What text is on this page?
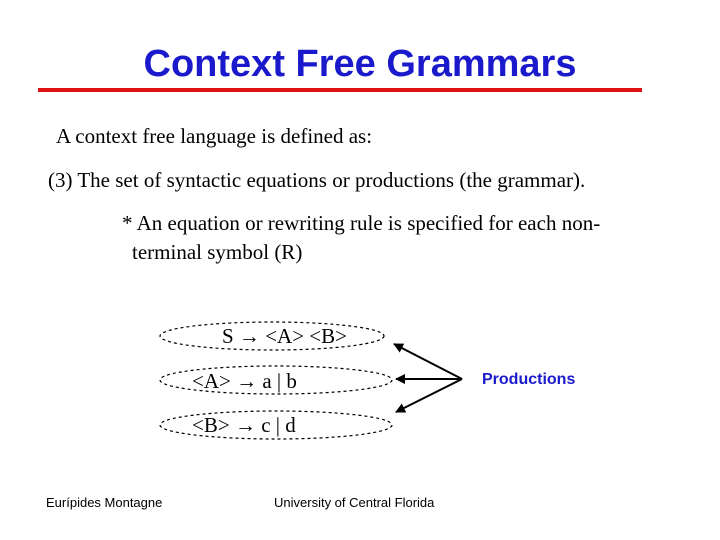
Context Free Grammars
A context free language is defined as:
(3) The set of syntactic equations or productions (the grammar).
* An equation or rewriting rule is specified for each non-
terminal symbol (R)
S → <A> <B>
<A> → a | b
<B> → c | d
Productions
Eurípides Montagne	University of Central Florida
